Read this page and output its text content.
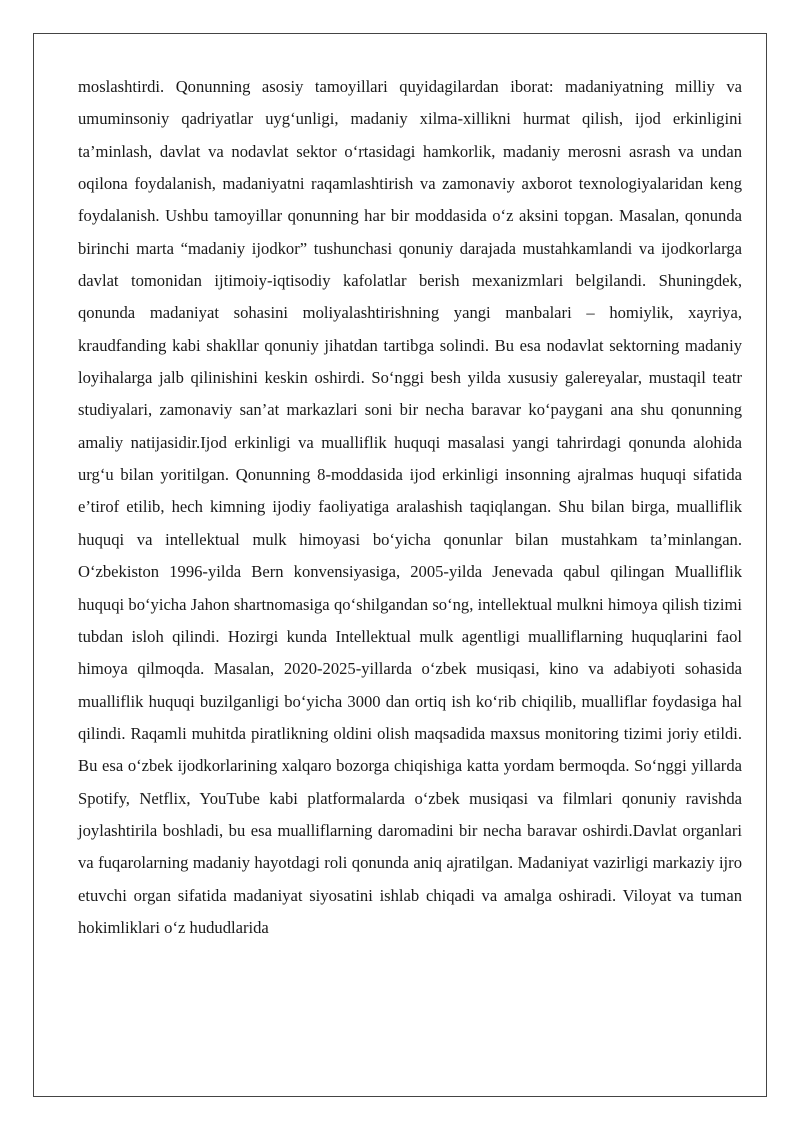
moslashtirdi. Qonunning asosiy tamoyillari quyidagilardan iborat: madaniyatning milliy va umuminsoniy qadriyatlar uyg‘unligi, madaniy xilma-xillikni hurmat qilish, ijod erkinligini ta’minlash, davlat va nodavlat sektor o‘rtasidagi hamkorlik, madaniy merosni asrash va undan oqilona foydalanish, madaniyatni raqamlashtirish va zamonaviy axborot texnologiyalaridan keng foydalanish. Ushbu tamoyillar qonunning har bir moddasida o‘z aksini topgan. Masalan, qonunda birinchi marta “madaniy ijodkor” tushunchasi qonuniy darajada mustahkamlandi va ijodkorlarga davlat tomonidan ijtimoiy-iqtisodiy kafolatlar berish mexanizmlari belgilandi. Shuningdek, qonunda madaniyat sohasini moliyalashtirishning yangi manbalari – homiylik, xayriya, kraudfanding kabi shakllar qonuniy jihatdan tartibga solindi. Bu esa nodavlat sektorning madaniy loyihalarga jalb qilinishini keskin oshirdi. So‘nggi besh yilda xususiy galereyalar, mustaqil teatr studiyalari, zamonaviy san’at markazlari soni bir necha baravar ko‘paygani ana shu qonunning amaliy natijasidir.Ijod erkinligi va mualliflik huquqi masalasi yangi tahrirdagi qonunda alohida urg‘u bilan yoritilgan. Qonunning 8-moddasida ijod erkinligi insonning ajralmas huquqi sifatida e’tirof etilib, hech kimning ijodiy faoliyatiga aralashish taqiqlangan. Shu bilan birga, mualliflik huquqi va intellektual mulk himoyasi bo‘yicha qonunlar bilan mustahkam ta’minlangan. O‘zbekiston 1996-yilda Bern konvensiyasiga, 2005-yilda Jenevada qabul qilingan Mualliflik huquqi bo‘yicha Jahon shartnomasiga qo‘shilgandan so‘ng, intellektual mulkni himoya qilish tizimi tubdan isloh qilindi. Hozirgi kunda Intellektual mulk agentligi mualliflarning huquqlarini faol himoya qilmoqda. Masalan, 2020-2025-yillarda o‘zbek musiqasi, kino va adabiyoti sohasida mualliflik huquqi buzilganligi bo‘yicha 3000 dan ortiq ish ko‘rib chiqilib, mualliflar foydasiga hal qilindi. Raqamli muhitda piratlikning oldini olish maqsadida maxsus monitoring tizimi joriy etildi. Bu esa o‘zbek ijodkorlarining xalqaro bozorga chiqishiga katta yordam bermoqda. So‘nggi yillarda Spotify, Netflix, YouTube kabi platformalarda o‘zbek musiqasi va filmlari qonuniy ravishda joylashtirila boshladi, bu esa mualliflarning daromadini bir necha baravar oshirdi.Davlat organlari va fuqarolarning madaniy hayotdagi roli qonunda aniq ajratilgan. Madaniyat vazirligi markaziy ijro etuvchi organ sifatida madaniyat siyosatini ishlab chiqadi va amalga oshiradi. Viloyat va tuman hokimliklari o‘z hududlarida
